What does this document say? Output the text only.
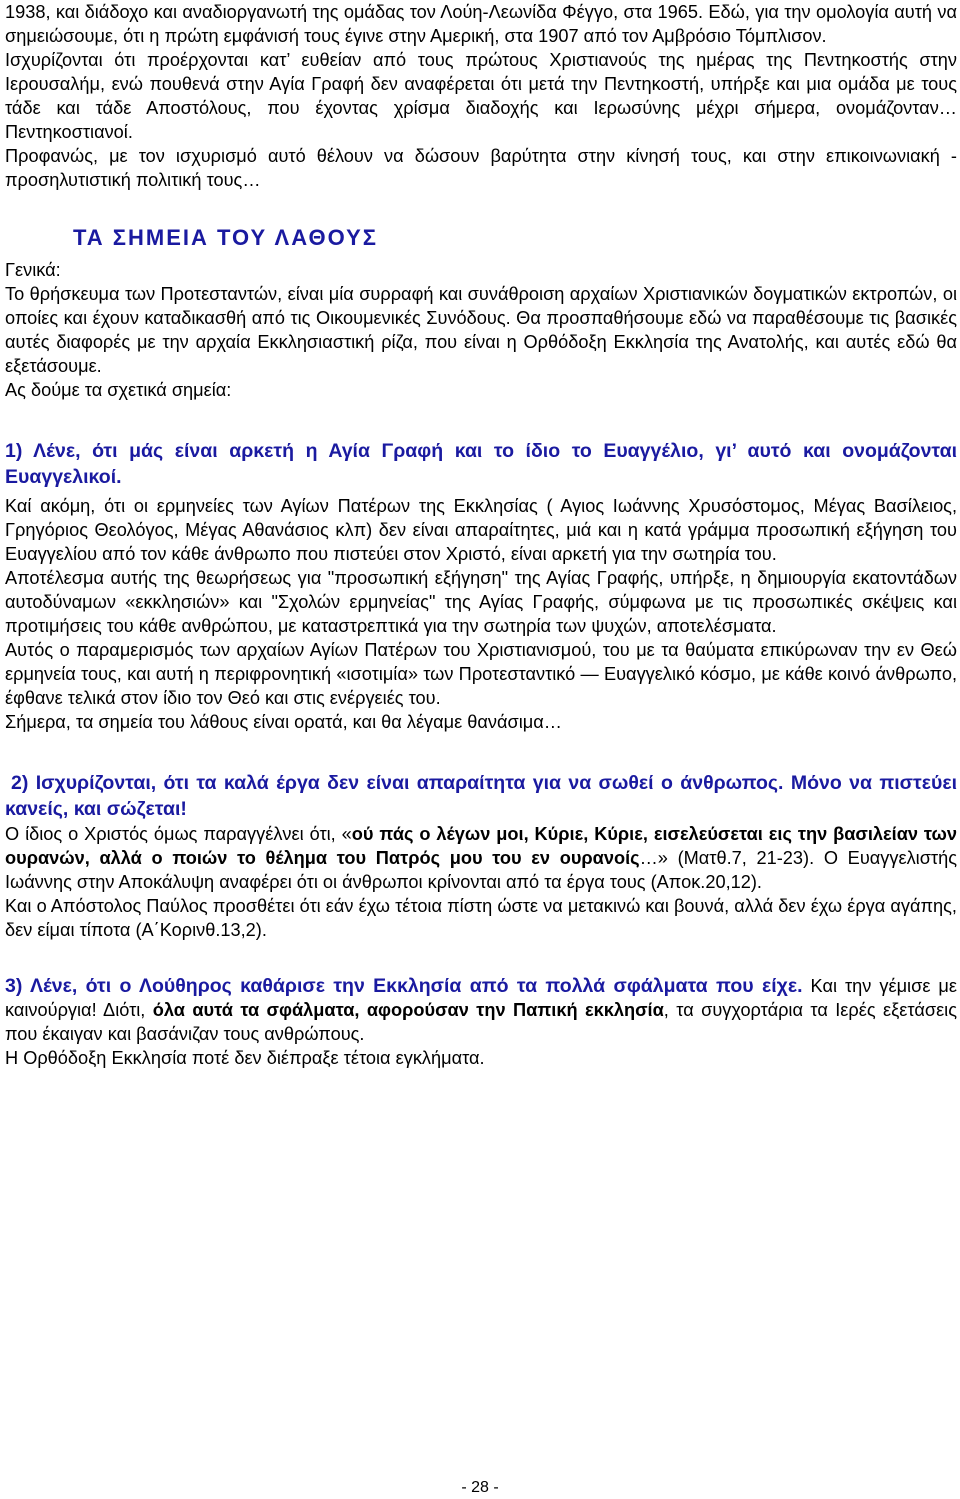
1938, και διάδοχο και αναδιοργανωτή της ομάδας τον Λούη-Λεωνίδα Φέγγο, στα 1965. Εδώ, για την ομολογία αυτή να σημειώσουμε, ότι η πρώτη εμφάνισή τους έγινε στην Αμερική, στα 1907 από τον Αμβρόσιο Τόμπλισον.

Ισχυρίζονται ότι προέρχονται κατ’ ευθείαν από τους πρώτους Χριστιανούς της ημέρας της Πεντηκοστής στην Ιερουσαλήμ, ενώ πουθενά στην Αγία Γραφή δεν αναφέρεται ότι μετά την Πεντηκοστή, υπήρξε και μια ομάδα με τους τάδε και τάδε Αποστόλους, που έχοντας χρίσμα διαδοχής και Ιερωσύνης μέχρι σήμερα, ονομάζονταν… Πεντηκοστιανοί.

Προφανώς, με τον ισχυρισμό αυτό θέλουν να δώσουν βαρύτητα στην κίνησή τους, και στην επικοινωνιακή - προσηλυτιστική πολιτική τους…

ΤΑ ΣΗΜΕΙΑ ΤΟΥ ΛΑΘΟΥΣ

Γενικά:

Το θρήσκευμα των Προτεσταντών, είναι μία συρραφή και συνάθροιση αρχαίων Χριστιανικών δογματικών εκτροπών, οι οποίες και έχουν καταδικασθή από τις Οικουμενικές Συνόδους. Θα προσπαθήσουμε εδώ να παραθέσουμε τις βασικές αυτές διαφορές με την αρχαία Εκκλησιαστική ρίζα, που είναι η Ορθόδοξη Εκκλησία της Ανατολής, και αυτές εδώ θα εξετάσουμε.

Ας δούμε τα σχετικά σημεία:

1) Λένε, ότι μάς είναι αρκετή η Αγία Γραφή και το ίδιο το Ευαγγέλιο, γι’ αυτό και ονομάζονται Ευαγγελικοί.

Καί ακόμη, ότι οι ερμηνείες των Αγίων Πατέρων της Εκκλησίας ( Αγιος Ιωάννης Χρυσόστομος, Μέγας Βασίλειος, Γρηγόριος Θεολόγος, Μέγας Αθανάσιος κλπ) δεν είναι απαραίτητες, μιά και η κατά γράμμα προσωπική εξήγηση του Ευαγγελίου από τον κάθε άνθρωπο που πιστεύει στον Χριστό, είναι αρκετή για την σωτηρία του.

Αποτέλεσμα αυτής της θεωρήσεως για "προσωπική εξήγηση" της Αγίας Γραφής, υπήρξε, η δημιουργία εκατοντάδων αυτοδύναμων «εκκλησιών» και "Σχολών ερμηνείας" της Αγίας Γραφής, σύμφωνα με τις προσωπικές σκέψεις και προτιμήσεις του κάθε ανθρώπου, με καταστρεπτικά για την σωτηρία των ψυχών, αποτελέσματα.

Αυτός ο παραμερισμός των αρχαίων Αγίων Πατέρων του Χριστιανισμού, του με τα θαύματα επικύρωναν την εν Θεώ ερμηνεία τους, και αυτή η περιφρονητική «ισοτιμία» των Προτεσταντικό — Ευαγγελικό κόσμο, με κάθε κοινό άνθρωπο, έφθανε τελικά στον ίδιο τον Θεό και στις ενέργειές του.

Σήμερα, τα σημεία του λάθους είναι ορατά, και θα λέγαμε θανάσιμα…

2) Ισχυρίζονται, ότι τα καλά έργα δεν είναι απαραίτητα για να σωθεί ο άνθρωπος. Μόνο να πιστεύει κανείς, και σώζεται!

Ο ίδιος ο Χριστός όμως παραγγέλνει ότι, «ού πάς ο λέγων μοι, Κύριε, Κύριε, εισελεύσεται εις την βασιλείαν των ουρανών, αλλά ο ποιών το θέλημα του Πατρός μου του εν ουρανοίς…» (Ματθ.7, 21-23). Ο Ευαγγελιστής Ιωάννης στην Αποκάλυψη αναφέρει ότι οι άνθρωποι κρίνονται από τα έργα τους (Αποκ.20,12).

Και ο Απόστολος Παύλος προσθέτει ότι εάν έχω τέτοια πίστη ώστε να μετακινώ και βουνά, αλλά δεν έχω έργα αγάπης, δεν είμαι τίποτα (Α΄Κορινθ.13,2).

3) Λένε, ότι ο Λούθηρος καθάρισε την Εκκλησία από τα πολλά σφάλματα που είχε. Και την γέμισε με καινούργια! Διότι, όλα αυτά τα σφάλματα, αφορούσαν την Παπική εκκλησία, τα συγχορτάρια τα Ιερές εξετάσεις που έκαιγαν και βασάνιζαν τους ανθρώπους.

Η Ορθόδοξη Εκκλησία ποτέ δεν διέπραξε τέτοια εγκλήματα.

- 28 -
